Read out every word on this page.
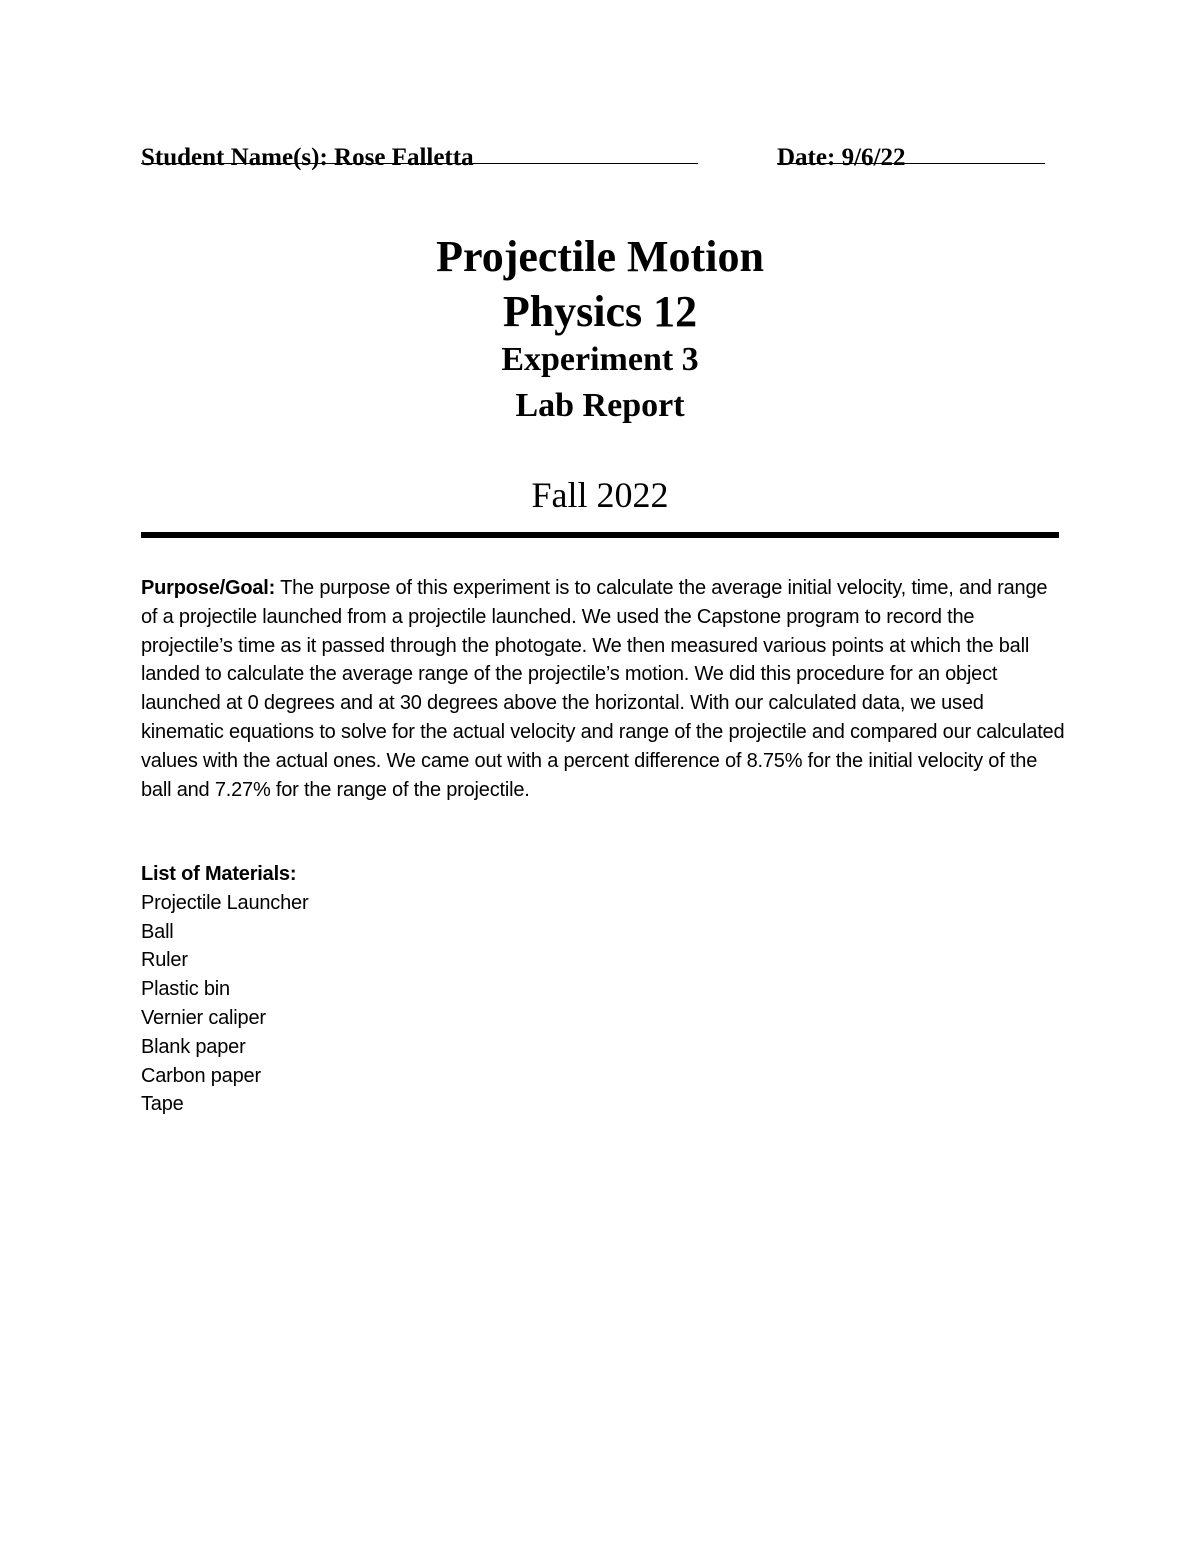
Student Name(s): Rose Falletta	Date: 9/6/22
Projectile Motion
Physics 12
Experiment 3
Lab Report
Fall 2022
Purpose/Goal: The purpose of this experiment is to calculate the average initial velocity, time, and range of a projectile launched from a projectile launched. We used the Capstone program to record the projectile’s time as it passed through the photogate. We then measured various points at which the ball landed to calculate the average range of the projectile’s motion. We did this procedure for an object launched at 0 degrees and at 30 degrees above the horizontal. With our calculated data, we used kinematic equations to solve for the actual velocity and range of the projectile and compared our calculated values with the actual ones. We came out with a percent difference of 8.75% for the initial velocity of the ball and 7.27% for the range of the projectile.
List of Materials:
Projectile Launcher
Ball
Ruler
Plastic bin
Vernier caliper
Blank paper
Carbon paper
Tape
